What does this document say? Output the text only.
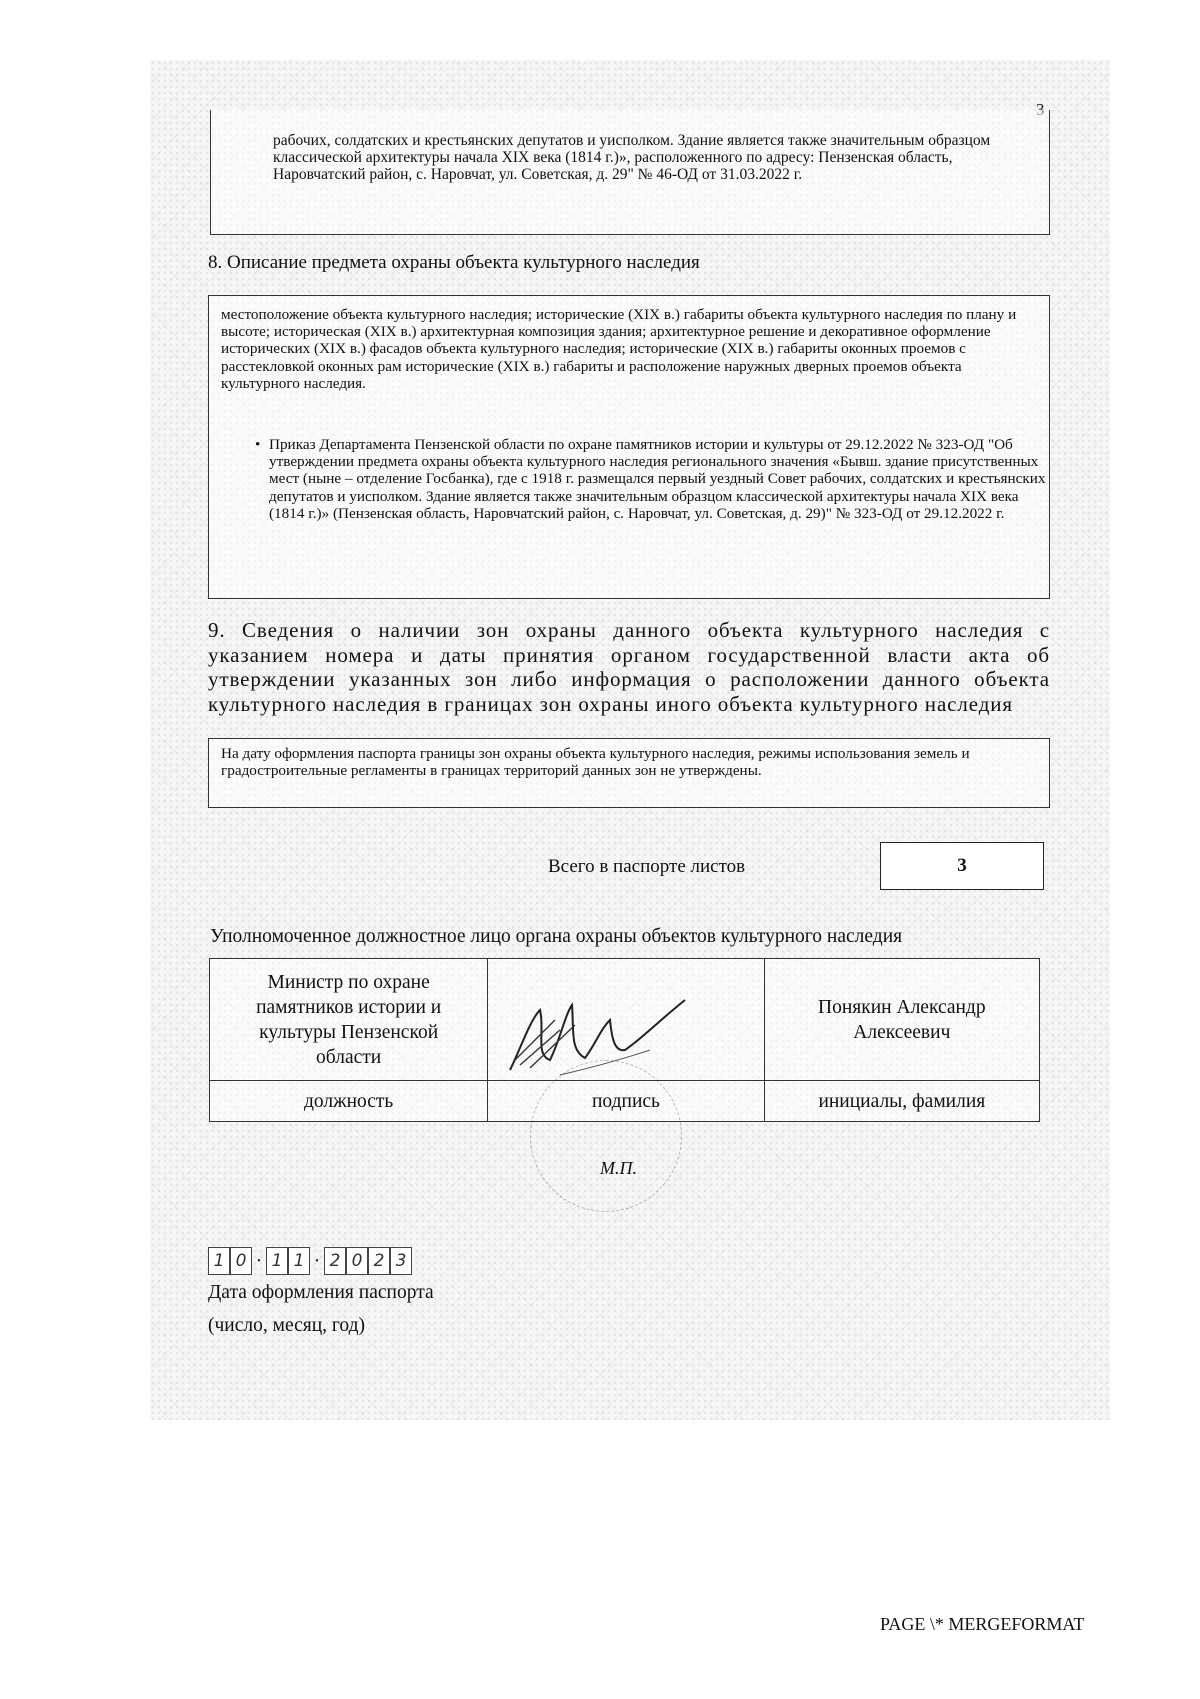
рабочих, солдатских и крестьянских депутатов и уисполком. Здание является также значительным образцом классической архитектуры начала XIX века (1814 г.)», расположенного по адресу: Пензенская область, Наровчатский район, с. Наровчат, ул. Советская, д. 29" № 46-ОД от 31.03.2022 г.
8. Описание предмета охраны объекта культурного наследия
местоположение объекта культурного наследия; исторические (XIX в.) габариты объекта культурного наследия по плану и высоте; историческая (XIX в.) архитектурная композиция здания; архитектурное решение и декоративное оформление исторических (XIX в.) фасадов объекта культурного наследия; исторические (XIX в.) габариты оконных проемов с расстекловкой оконных рам исторические (XIX в.) габариты и расположение наружных дверных проемов объекта культурного наследия.
• Приказ Департамента Пензенской области по охране памятников истории и культуры от 29.12.2022 № 323-ОД "Об утверждении предмета охраны объекта культурного наследия регионального значения «Бывш. здание присутственных мест (ныне – отделение Госбанка), где с 1918 г. размещался первый уездный Совет рабочих, солдатских и крестьянских депутатов и уисполком. Здание является также значительным образцом классической архитектуры начала XIX века (1814 г.)» (Пензенская область, Наровчатский район, с. Наровчат, ул. Советская, д. 29)" № 323-ОД от 29.12.2022 г.
9. Сведения о наличии зон охраны данного объекта культурного наследия с указанием номера и даты принятия органом государственной власти акта об утверждении указанных зон либо информация о расположении данного объекта культурного наследия в границах зон охраны иного объекта культурного наследия
На дату оформления паспорта границы зон охраны объекта культурного наследия, режимы использования земель и градостроительные регламенты в границах территорий данных зон не утверждены.
Всего в паспорте листов	3
Уполномоченное должностное лицо органа охраны объектов культурного наследия
Министр по охране памятников истории и культуры Пензенской области		Понякин Александр Алексеевич
должность	подпись	инициалы, фамилия
М.П.
1 0 · 1 1 · 2 0 2 3
Дата оформления паспорта
(число, месяц, год)
PAGE \* MERGEFORMAT
